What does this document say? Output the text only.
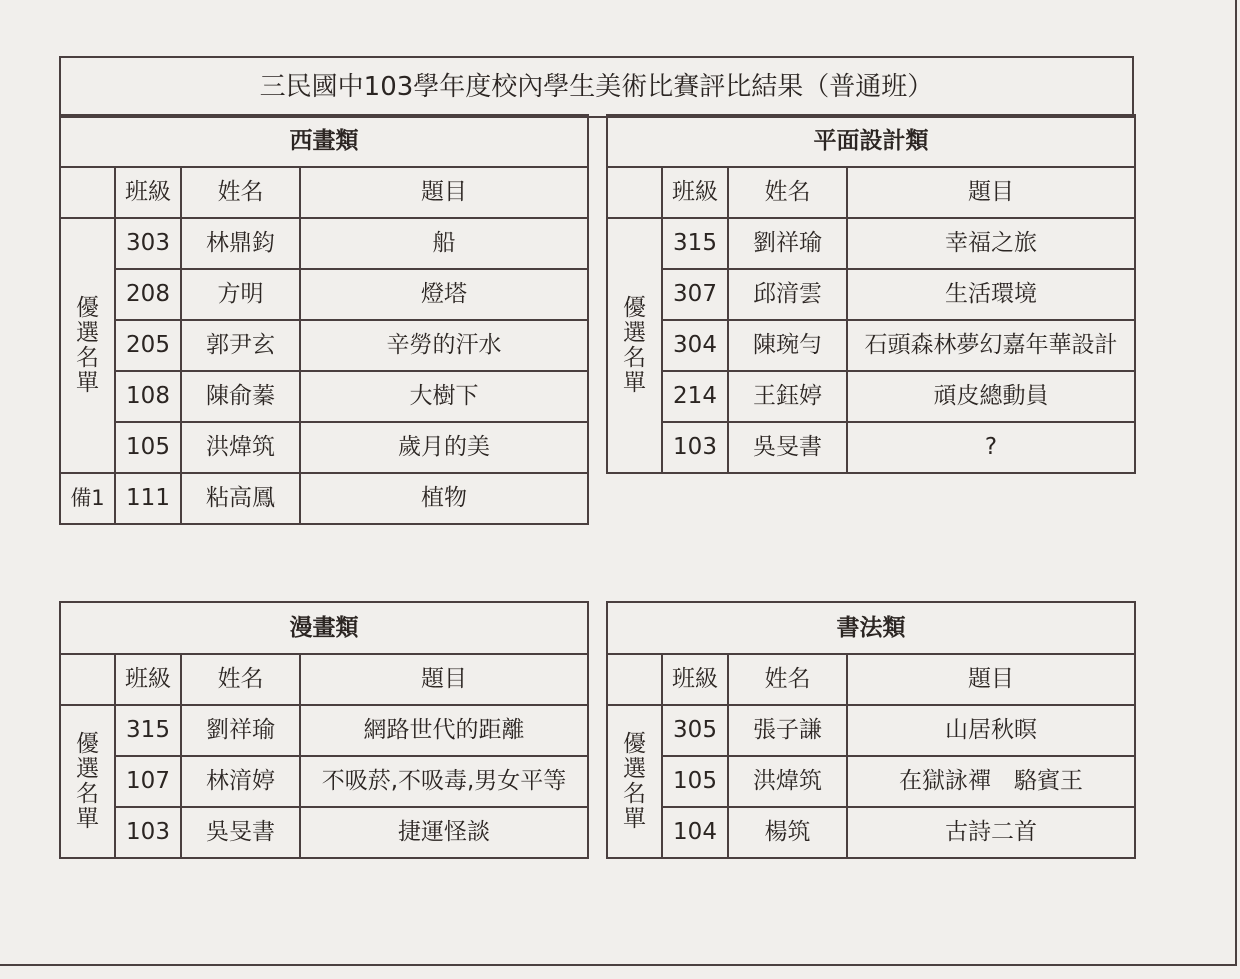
三民國中103學年度校內學生美術比賽評比結果（普通班）
西畫類			
	班級	姓名	題目

優
選
名
單	303	林鼎鈞	船
	208	方明	燈塔
	205	郭尹玄	辛勞的汗水
	108	陳俞蓁	大樹下
	105	洪煒筑	歲月的美
備1	111	粘高鳳	植物
平面設計類			
	班級	姓名	題目

優
選
名
單	315	劉祥瑜	幸福之旅
	307	邱湇雲	生活環境
	304	陳琬勻	石頭森林夢幻嘉年華設計
	214	王鈺婷	頑皮總動員
	103	吳旻書	?
漫畫類			
	班級	姓名	題目

優
選
名
單	315	劉祥瑜	網路世代的距離
	107	林湇婷	不吸菸,不吸毒,男女平等
	103	吳旻書	捷運怪談
書法類			
	班級	姓名	題目

優
選
名
單	305	張子謙	山居秋暝
	105	洪煒筑	在獄詠禪　駱賓王
	104	楊筑	古詩二首
